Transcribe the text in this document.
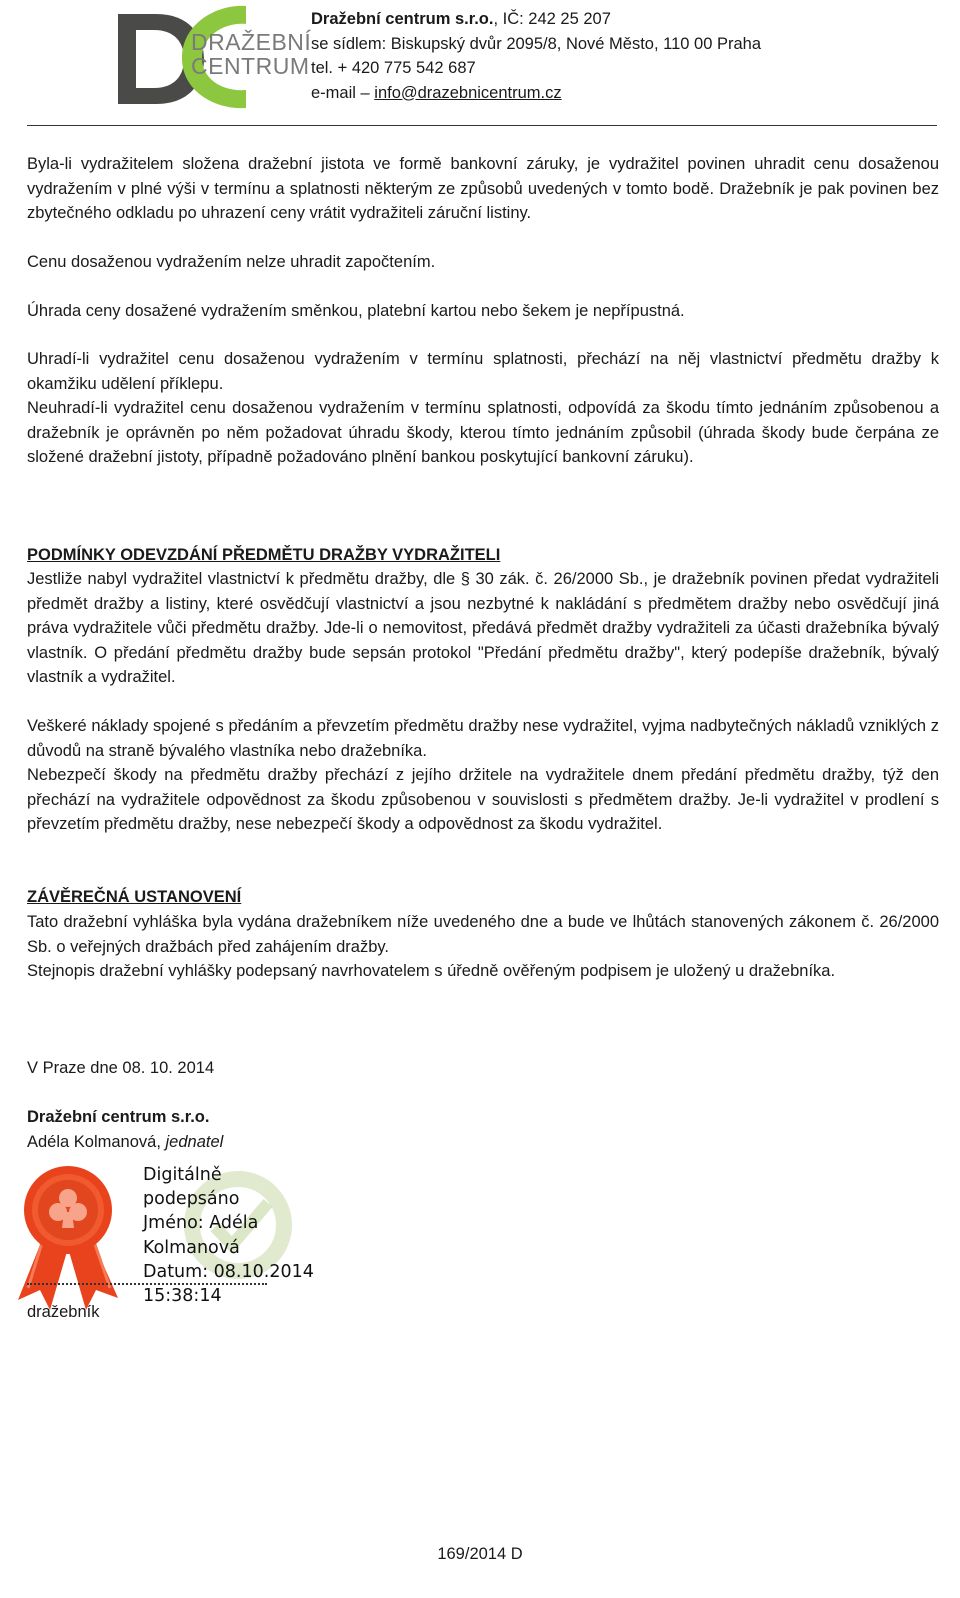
DRAŽEBNÍ
CENTRUM
Dražební centrum s.r.o., IČ: 242 25 207
se sídlem: Biskupský dvůr 2095/8, Nové Město, 110 00 Praha
tel. + 420 775 542 687
e-mail – info@drazebnicentrum.cz
Byla-li vydražitelem složena dražební jistota ve formě bankovní záruky, je vydražitel povinen uhradit cenu dosaženou vydražením v plné výši v termínu a splatnosti některým ze způsobů uvedených v tomto bodě. Dražebník je pak povinen bez zbytečného odkladu po uhrazení ceny vrátit vydražiteli záruční listiny.
Cenu dosaženou vydražením nelze uhradit započtením.
Úhrada ceny dosažené vydražením směnkou, platební kartou nebo šekem je nepřípustná.
Uhradí-li vydražitel cenu dosaženou vydražením v termínu splatnosti, přechází na něj vlastnictví předmětu dražby k okamžiku udělení příklepu.
Neuhradí-li vydražitel cenu dosaženou vydražením v termínu splatnosti, odpovídá za škodu tímto jednáním způsobenou a dražebník je oprávněn po něm požadovat úhradu škody, kterou tímto jednáním způsobil (úhrada škody bude čerpána ze složené dražební jistoty, případně požadováno plnění bankou poskytující bankovní záruku).
PODMÍNKY ODEVZDÁNÍ PŘEDMĚTU DRAŽBY VYDRAŽITELI
Jestliže nabyl vydražitel vlastnictví k předmětu dražby, dle § 30 zák. č. 26/2000 Sb., je dražebník povinen předat vydražiteli předmět dražby a listiny, které osvědčují vlastnictví a jsou nezbytné k nakládání s předmětem dražby nebo osvědčují jiná práva vydražitele vůči předmětu dražby. Jde-li o nemovitost, předává předmět dražby vydražiteli za účasti dražebníka bývalý vlastník. O předání předmětu dražby bude sepsán protokol "Předání předmětu dražby", který podepíše dražebník, bývalý vlastník a vydražitel.
Veškeré náklady spojené s předáním a převzetím předmětu dražby nese vydražitel, vyjma nadbytečných nákladů vzniklých z důvodů na straně bývalého vlastníka nebo dražebníka.
Nebezpečí škody na předmětu dražby přechází z jejího držitele na vydražitele dnem předání předmětu dražby, týž den přechází na vydražitele odpovědnost za škodu způsobenou v souvislosti s předmětem dražby. Je-li vydražitel v prodlení s převzetím předmětu dražby, nese nebezpečí škody a odpovědnost za škodu vydražitel.
ZÁVĚREČNÁ USTANOVENÍ
Tato dražební vyhláška byla vydána dražebníkem níže uvedeného dne a bude ve lhůtách stanovených zákonem č. 26/2000 Sb. o veřejných dražbách před zahájením dražby.
Stejnopis dražební vyhlášky podepsaný navrhovatelem s úředně ověřeným podpisem je uložený u dražebníka.
V Praze dne 08. 10. 2014
Dražební centrum s.r.o.
Adéla Kolmanová, jednatel
Digitálně
podepsáno
Jméno: Adéla
Kolmanová
Datum: 08.10.2014
15:38:14
dražebník
169/2014 D
